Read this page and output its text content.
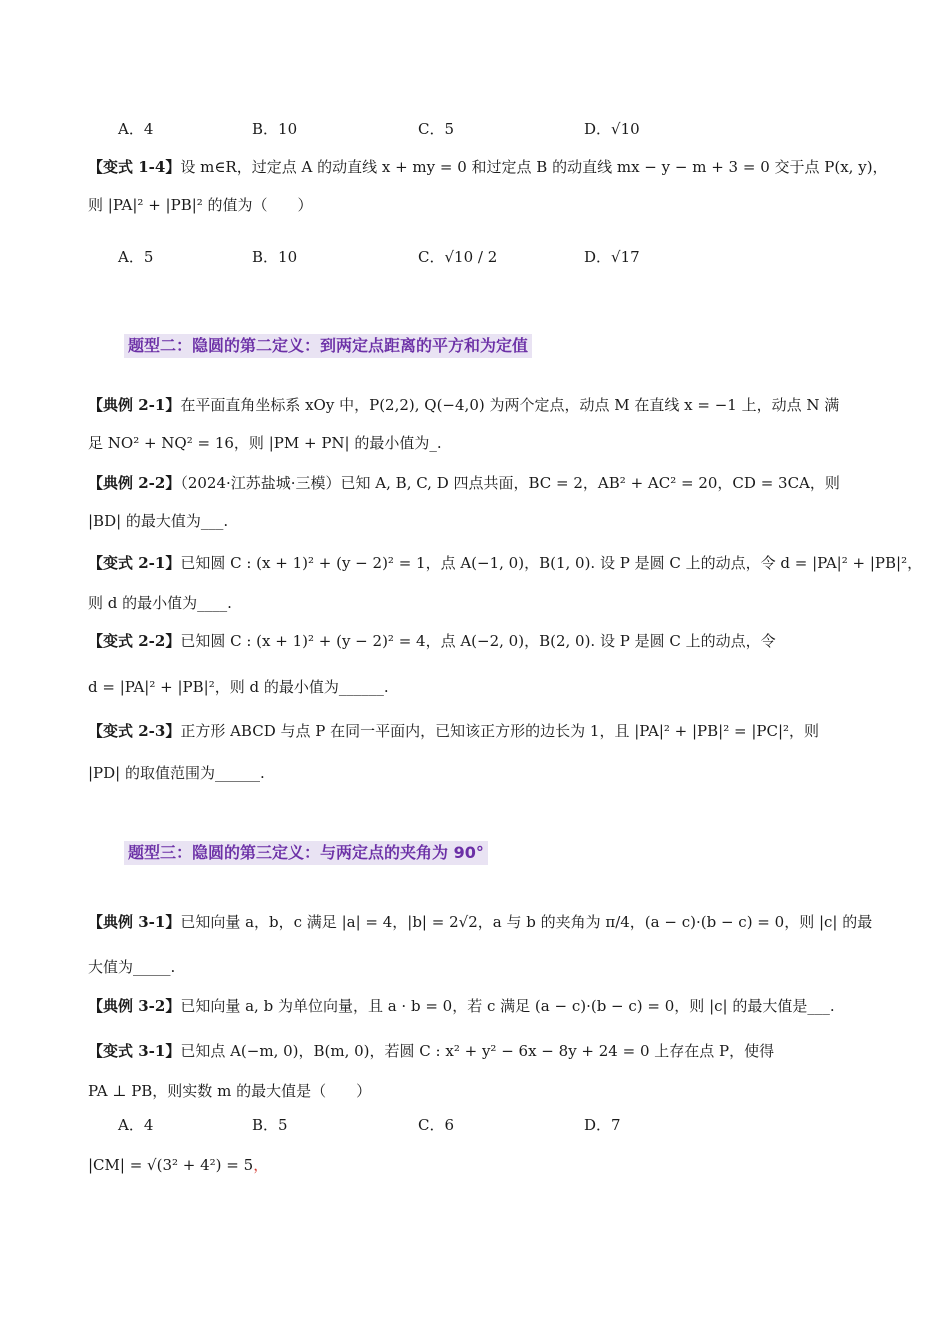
A．4	B．10	C．5	D．√10
【变式 1-4】设 m∈R，过定点 A 的动直线 x + my = 0 和过定点 B 的动直线 mx − y − m + 3 = 0 交于点 P(x, y)，
则 |PA|² + |PB|² 的值为（　　）
A．5	B．10	C．√10 / 2	D．√17
题型二：隐圆的第二定义：到两定点距离的平方和为定值
【典例 2-1】在平面直角坐标系 xOy 中，P(2,2), Q(−4,0) 为两个定点，动点 M 在直线 x = −1 上，动点 N 满
足 NO² + NQ² = 16，则 |PM + PN| 的最小值为_.
【典例 2-2】（2024·江苏盐城·三模）已知 A, B, C, D 四点共面，BC = 2，AB² + AC² = 20，CD = 3CA，则
|BD| 的最大值为___.
【变式 2-1】已知圆 C : (x + 1)² + (y − 2)² = 1，点 A(−1, 0)，B(1, 0). 设 P 是圆 C 上的动点，令 d = |PA|² + |PB|²，
则 d 的最小值为____.
【变式 2-2】已知圆 C : (x + 1)² + (y − 2)² = 4，点 A(−2, 0)，B(2, 0). 设 P 是圆 C 上的动点，令
d = |PA|² + |PB|²，则 d 的最小值为______.
【变式 2-3】正方形 ABCD 与点 P 在同一平面内，已知该正方形的边长为 1，且 |PA|² + |PB|² = |PC|²，则
|PD| 的取值范围为______.
题型三：隐圆的第三定义：与两定点的夹角为 90°
【典例 3-1】已知向量 a，b，c 满足 |a| = 4，|b| = 2√2，a 与 b 的夹角为 π/4，(a − c)·(b − c) = 0，则 |c| 的最
大值为_____.
【典例 3-2】已知向量 a, b 为单位向量，且 a · b = 0，若 c 满足 (a − c)·(b − c) = 0，则 |c| 的最大值是___.
【变式 3-1】已知点 A(−m, 0)，B(m, 0)，若圆 C : x² + y² − 6x − 8y + 24 = 0 上存在点 P，使得
PA ⊥ PB，则实数 m 的最大值是（　　）
A．4	B．5	C．6	D．7
|CM| = √(3² + 4²) = 5，
